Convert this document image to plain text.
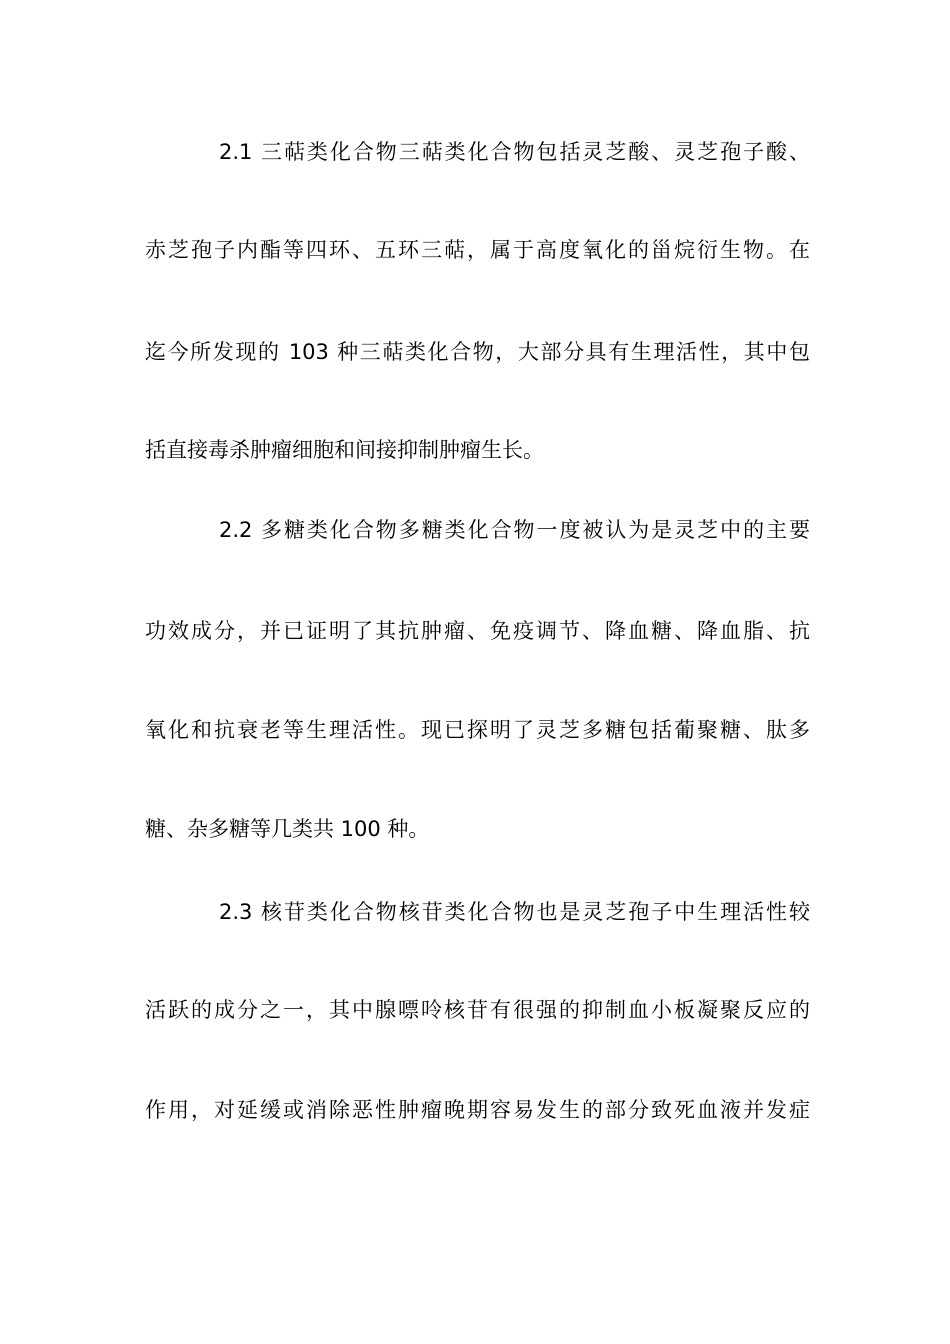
2.1 三萜类化合物三萜类化合物包括灵芝酸、灵芝孢子酸、
赤芝孢子内酯等四环、五环三萜，属于高度氧化的甾烷衍生物。在
迄今所发现的 103 种三萜类化合物，大部分具有生理活性，其中包
括直接毒杀肿瘤细胞和间接抑制肿瘤生长。
2.2 多糖类化合物多糖类化合物一度被认为是灵芝中的主要
功效成分，并已证明了其抗肿瘤、免疫调节、降血糖、降血脂、抗
氧化和抗衰老等生理活性。现已探明了灵芝多糖包括葡聚糖、肽多
糖、杂多糖等几类共 100 种。
2.3 核苷类化合物核苷类化合物也是灵芝孢子中生理活性较
活跃的成分之一，其中腺嘌呤核苷有很强的抑制血小板凝聚反应的
作用，对延缓或消除恶性肿瘤晚期容易发生的部分致死血液并发症
